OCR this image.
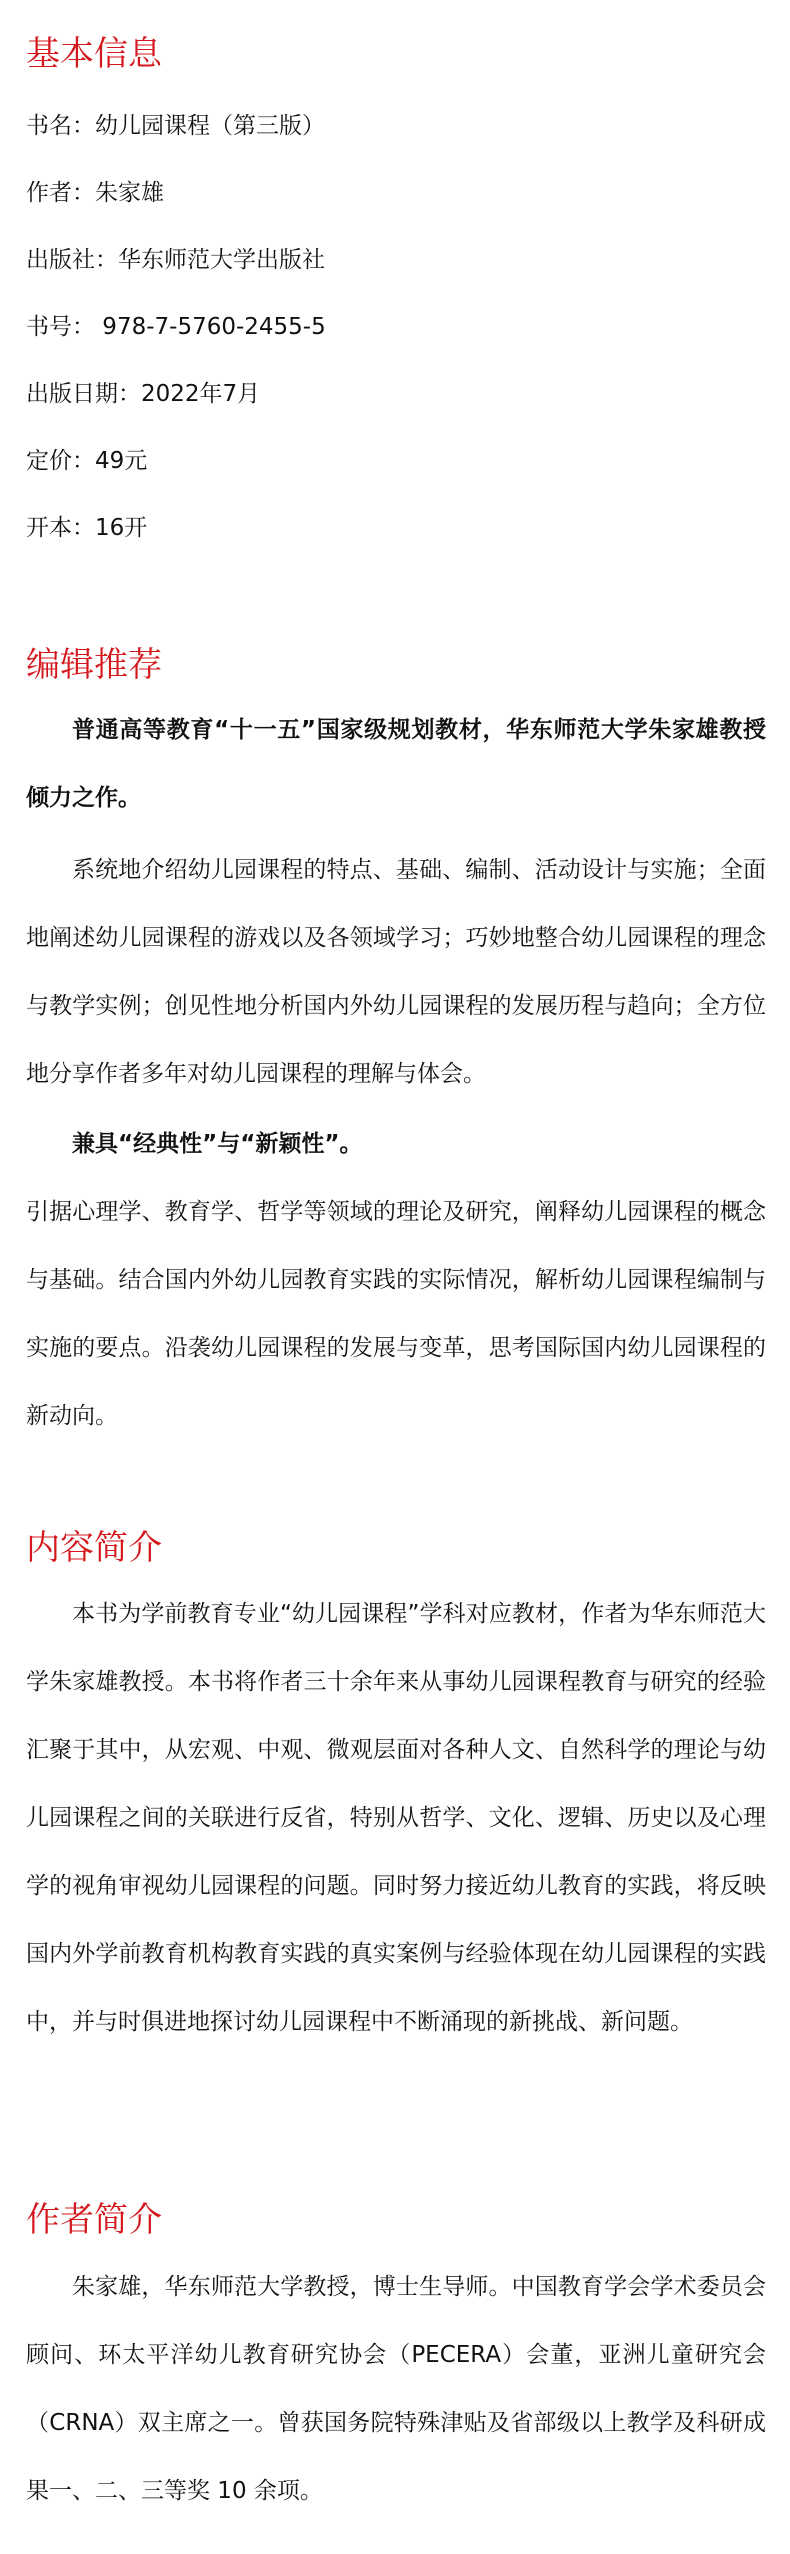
基本信息

书名：幼儿园课程（第三版）

作者：朱家雄

出版社：华东师范大学出版社

书号： 978-7-5760-2455-5

出版日期：2022年7月

定价：49元

开本：16开

编辑推荐

普通高等教育“十一五”国家级规划教材，华东师范大学朱家雄教授倾力之作。

系统地介绍幼儿园课程的特点、基础、编制、活动设计与实施；全面地阐述幼儿园课程的游戏以及各领域学习；巧妙地整合幼儿园课程的理念与教学实例；创见性地分析国内外幼儿园课程的发展历程与趋向；全方位地分享作者多年对幼儿园课程的理解与体会。

兼具“经典性”与“新颖性”。

引据心理学、教育学、哲学等领域的理论及研究，阐释幼儿园课程的概念与基础。结合国内外幼儿园教育实践的实际情况，解析幼儿园课程编制与实施的要点。沿袭幼儿园课程的发展与变革，思考国际国内幼儿园课程的新动向。

内容简介

本书为学前教育专业“幼儿园课程”学科对应教材，作者为华东师范大学朱家雄教授。本书将作者三十余年来从事幼儿园课程教育与研究的经验汇聚于其中，从宏观、中观、微观层面对各种人文、自然科学的理论与幼儿园课程之间的关联进行反省，特别从哲学、文化、逻辑、历史以及心理学的视角审视幼儿园课程的问题。同时努力接近幼儿教育的实践，将反映国内外学前教育机构教育实践的真实案例与经验体现在幼儿园课程的实践中，并与时俱进地探讨幼儿园课程中不断涌现的新挑战、新问题。

作者简介

朱家雄，华东师范大学教授，博士生导师。中国教育学会学术委员会顾问、环太平洋幼儿教育研究协会（PECERA）会董，亚洲儿童研究会（CRNA）双主席之一。曾获国务院特殊津贴及省部级以上教学及科研成果一、二、三等奖 10 余项。
